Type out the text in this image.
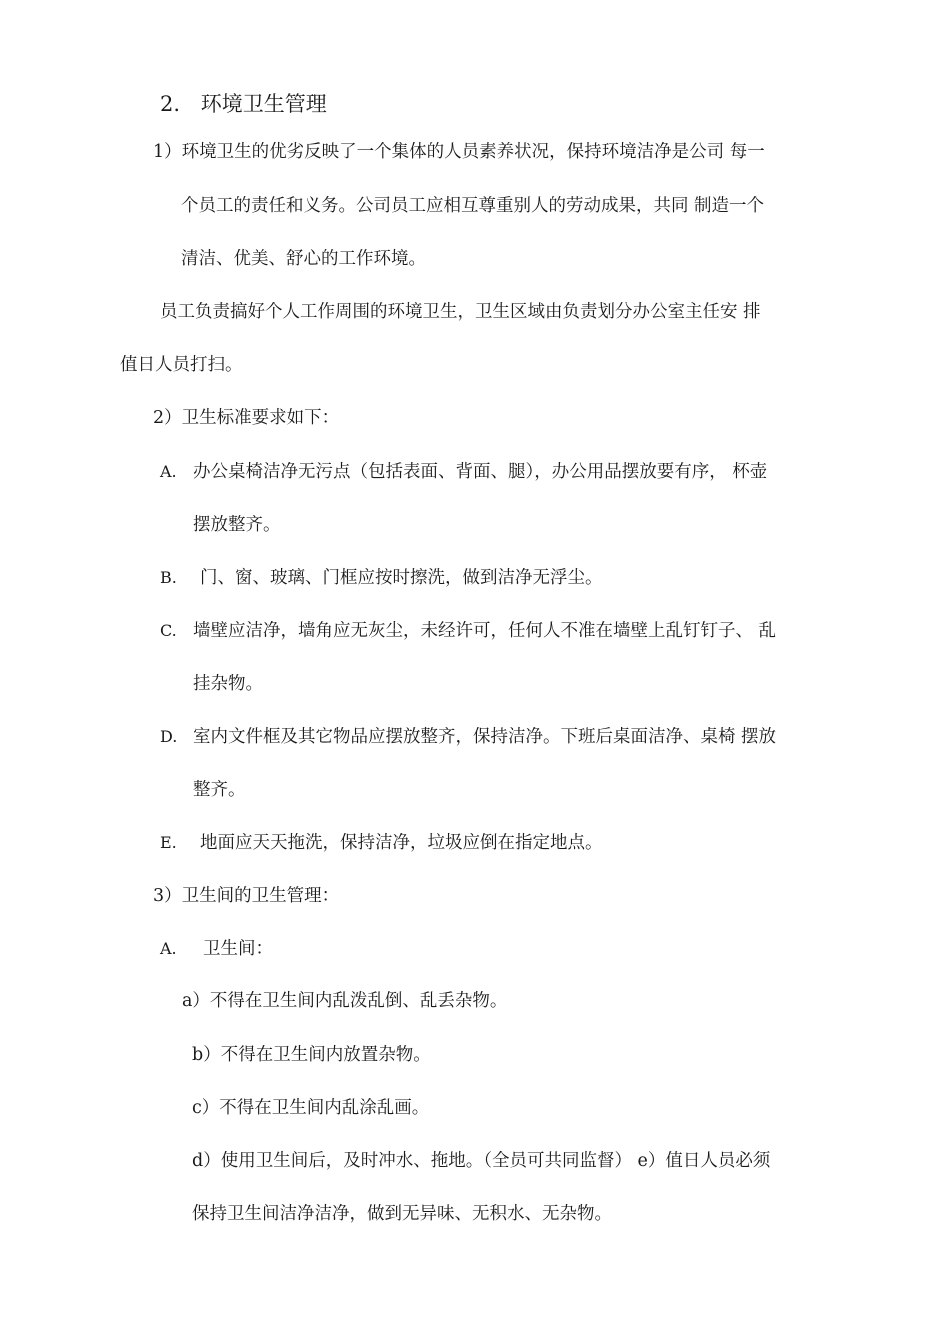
2. 环境卫生管理
1）环境卫生的优劣反映了一个集体的人员素养状况，保持环境洁净是公司 每一
个员工的责任和义务。公司员工应相互尊重别人的劳动成果，共同 制造一个
清洁、优美、舒心的工作环境。
员工负责搞好个人工作周围的环境卫生，卫生区域由负责划分办公室主任安 排
值日人员打扫。
2）卫生标准要求如下：
A. 办公桌椅洁净无污点（包括表面、背面、腿），办公用品摆放要有序， 杯壶
摆放整齐。
B. 门、窗、玻璃、门框应按时擦洗，做到洁净无浮尘。
C. 墙壁应洁净，墙角应无灰尘，未经许可，任何人不准在墙壁上乱钉钉子、 乱
挂杂物。
D. 室内文件框及其它物品应摆放整齐，保持洁净。下班后桌面洁净、桌椅 摆放
整齐。
E. 地面应天天拖洗，保持洁净，垃圾应倒在指定地点。
3）卫生间的卫生管理：
A. 卫生间：
a）不得在卫生间内乱泼乱倒、乱丢杂物。
b）不得在卫生间内放置杂物。
c）不得在卫生间内乱涂乱画。
d）使用卫生间后，及时冲水、拖地。（全员可共同监督） e）值日人员必须
保持卫生间洁净洁净，做到无异味、无积水、无杂物。
